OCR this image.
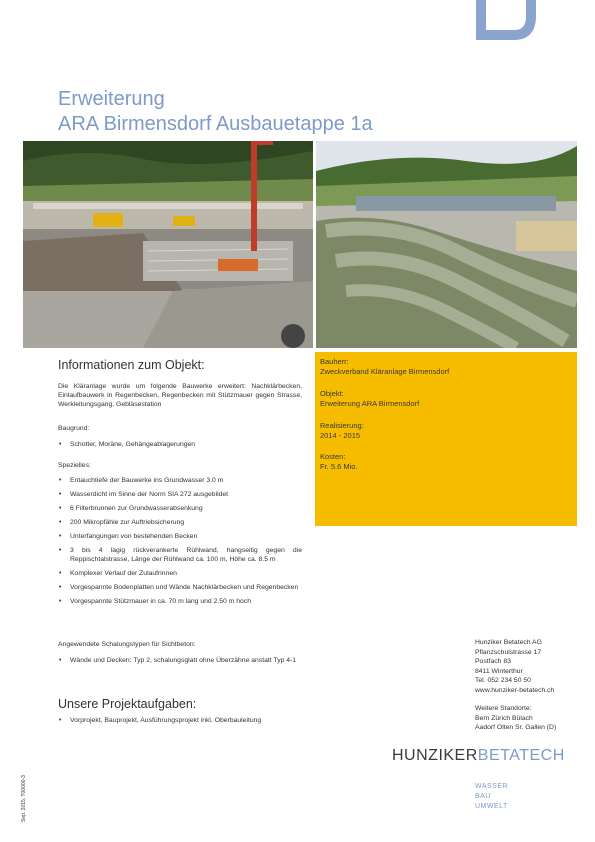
Erweiterung
ARA Birmensdorf Ausbauetappe 1a
Bauherr:
Zweckverband Kläranlage Birmensdorf
Objekt:
Erweiterung ARA Birmensdorf
Realisierung:
2014 - 2015
Kosten:
Fr. 5.6 Mio.
Informationen zum Objekt:
Die Kläranlage wurde um folgende Bauwerke erweitert: Nachklärbecken, Einlaufbauwerk in Regenbecken, Regenbecken mit Stützmauer gegen Strasse, Werkleitungsgang, Gebläsestation
Baugrund:
• Schotter, Moräne, Gehängeablagerungen
Spezielles:
• Entauchtiefe der Bauwerke ins Grundwasser 3.0 m
• Wasserdicht im Sinne der Norm SIA 272 ausgebildet
• 6 Filterbrunnen zur Grundwasserabsenkung
• 200 Mikropfähle zur Auftriebsicherung
• Unterfangungen von bestehenden Becken
• 3 bis 4 lagig rückverankerte Rühlwand, hangseitig gegen die Reppischtalstrasse, Länge der Rühlwand ca. 100 m, Höhe ca. 8.5 m
• Komplexer Verlauf der Zulaufrinnen
• Vorgespannte Bodenplatten und Wände Nachklärbecken und Regenbecken
• Vorgespannte Stützmauer in ca. 70 m lang und 2.50 m hoch
Angewendete Schalungstypen für Sichtbeton:
• Wände und Decken: Typ 2, schalungsglatt ohne Überzähne anstatt Typ 4-1
Unsere Projektaufgaben:
• Vorprojekt, Bauprojekt, Ausführungsprojekt inkl. Oberbauleitung
Hunziker Betatech AG
Pflanzschulstrasse 17
Postfach 83
8411 Winterthur
Tel. 052 234 50 50
www.hunziker-betatech.ch
Weitere Standorte:
Bern Zürich Bülach
Aadorf Olten Sr. Gallen (D)
HUNZIKERBETATECH
WASSER
BAU
UMWELT
Sep. 2015, T00000-3
